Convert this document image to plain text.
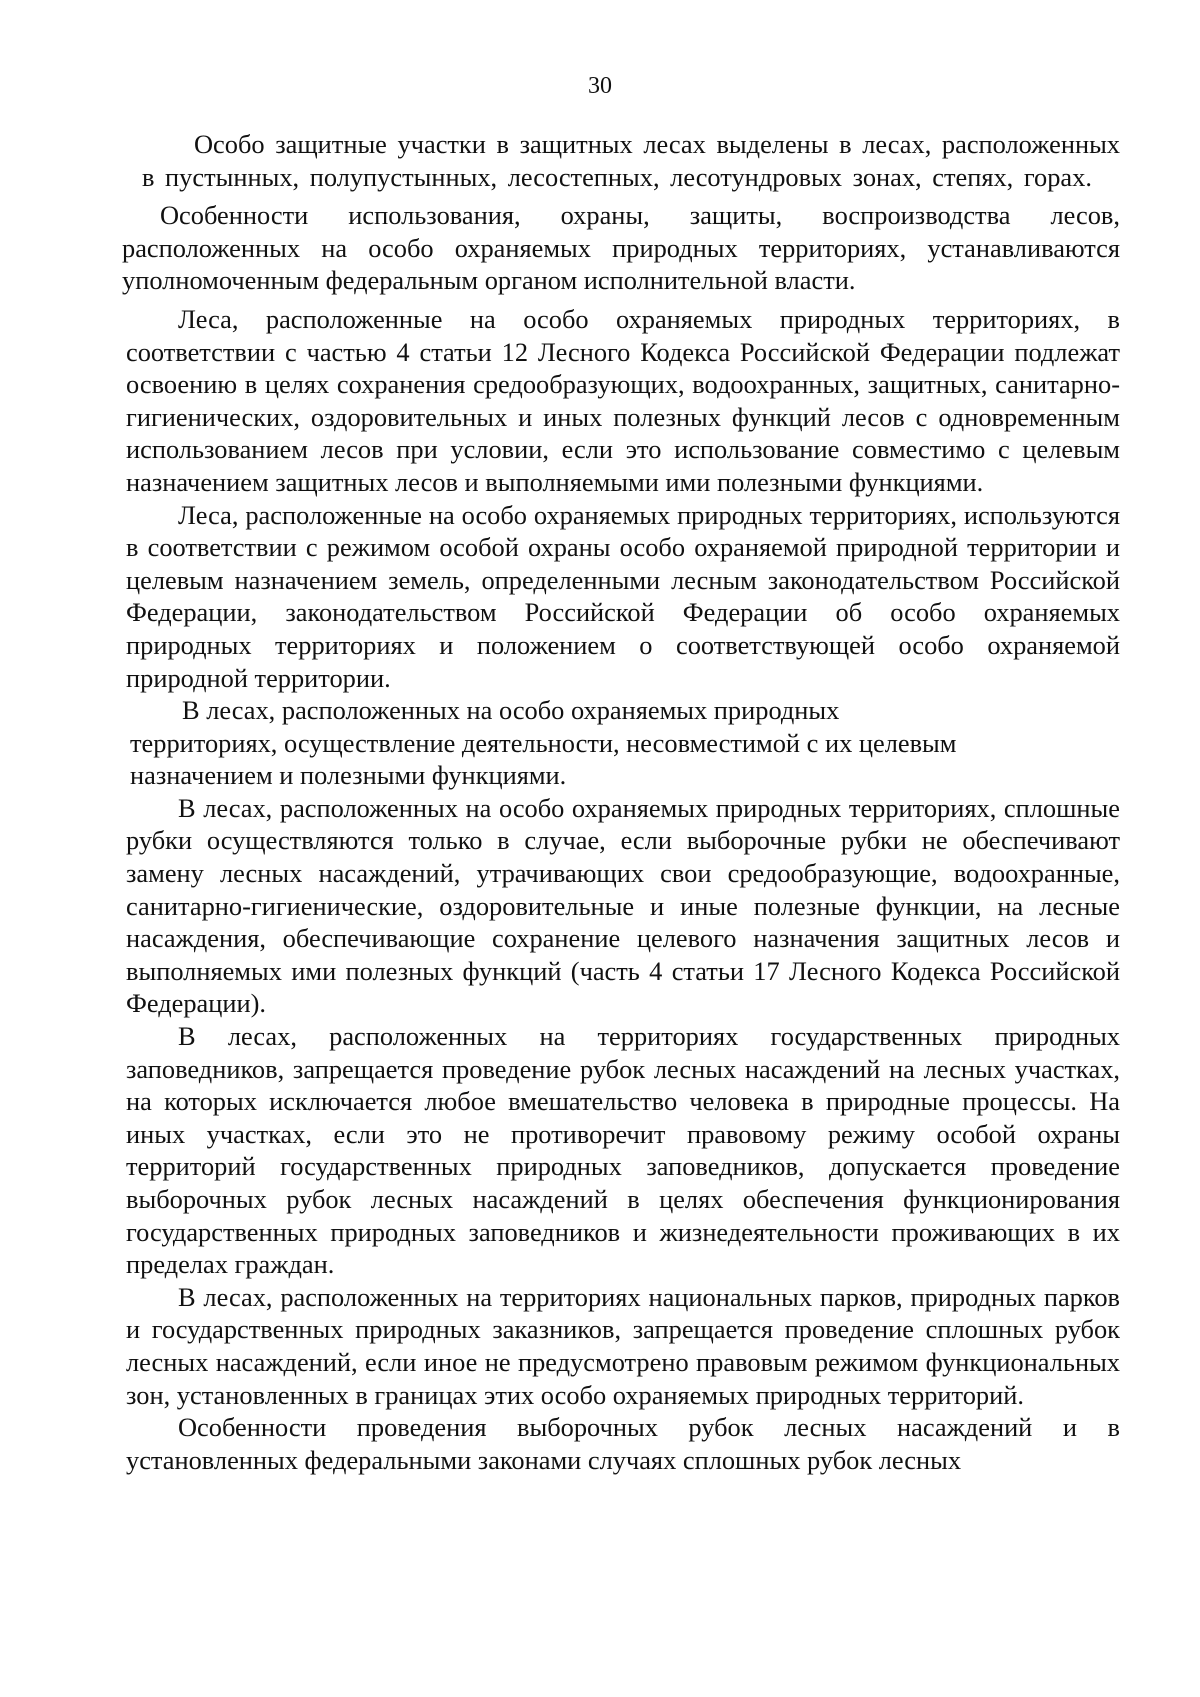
30

Особо защитные участки в защитных лесах выделены в лесах, расположенных в пустынных, полупустынных, лесостепных, лесотундровых зонах, степях, горах.

Особенности использования, охраны, защиты, воспроизводства лесов, расположенных на особо охраняемых природных территориях, устанавливаются уполномоченным федеральным органом исполнительной власти.

Леса, расположенные на особо охраняемых природных территориях, в соответствии с частью 4 статьи 12 Лесного Кодекса Российской Федерации подлежат освоению в целях сохранения средообразующих, водоохранных, защитных, санитарно-гигиенических, оздоровительных и иных полезных функций лесов с одновременным использованием лесов при условии, если это использование совместимо с целевым назначением защитных лесов и выполняемыми ими полезными функциями.

Леса, расположенные на особо охраняемых природных территориях, используются в соответствии с режимом особой охраны особо охраняемой природной территории и целевым назначением земель, определенными лесным законодательством Российской Федерации, законодательством Российской Федерации об особо охраняемых природных территориях и положением о соответствующей особо охраняемой природной территории.

В лесах, расположенных на особо охраняемых природных территориях, осуществление деятельности, несовместимой с их целевым назначением и полезными функциями.

В лесах, расположенных на особо охраняемых природных территориях, сплошные рубки осуществляются только в случае, если выборочные рубки не обеспечивают замену лесных насаждений, утрачивающих свои средообразующие, водоохранные, санитарно-гигиенические, оздоровительные и иные полезные функции, на лесные насаждения, обеспечивающие сохранение целевого назначения защитных лесов и выполняемых ими полезных функций (часть 4 статьи 17 Лесного Кодекса Российской Федерации).

В лесах, расположенных на территориях государственных природных заповедников, запрещается проведение рубок лесных насаждений на лесных участках, на которых исключается любое вмешательство человека в природные процессы. На иных участках, если это не противоречит правовому режиму особой охраны территорий государственных природных заповедников, допускается проведение выборочных рубок лесных насаждений в целях обеспечения функционирования государственных природных заповедников и жизнедеятельности проживающих в их пределах граждан.

В лесах, расположенных на территориях национальных парков, природных парков и государственных природных заказников, запрещается проведение сплошных рубок лесных насаждений, если иное не предусмотрено правовым режимом функциональных зон, установленных в границах этих особо охраняемых природных территорий.

Особенности проведения выборочных рубок лесных насаждений и в установленных федеральными законами случаях сплошных рубок лесных
